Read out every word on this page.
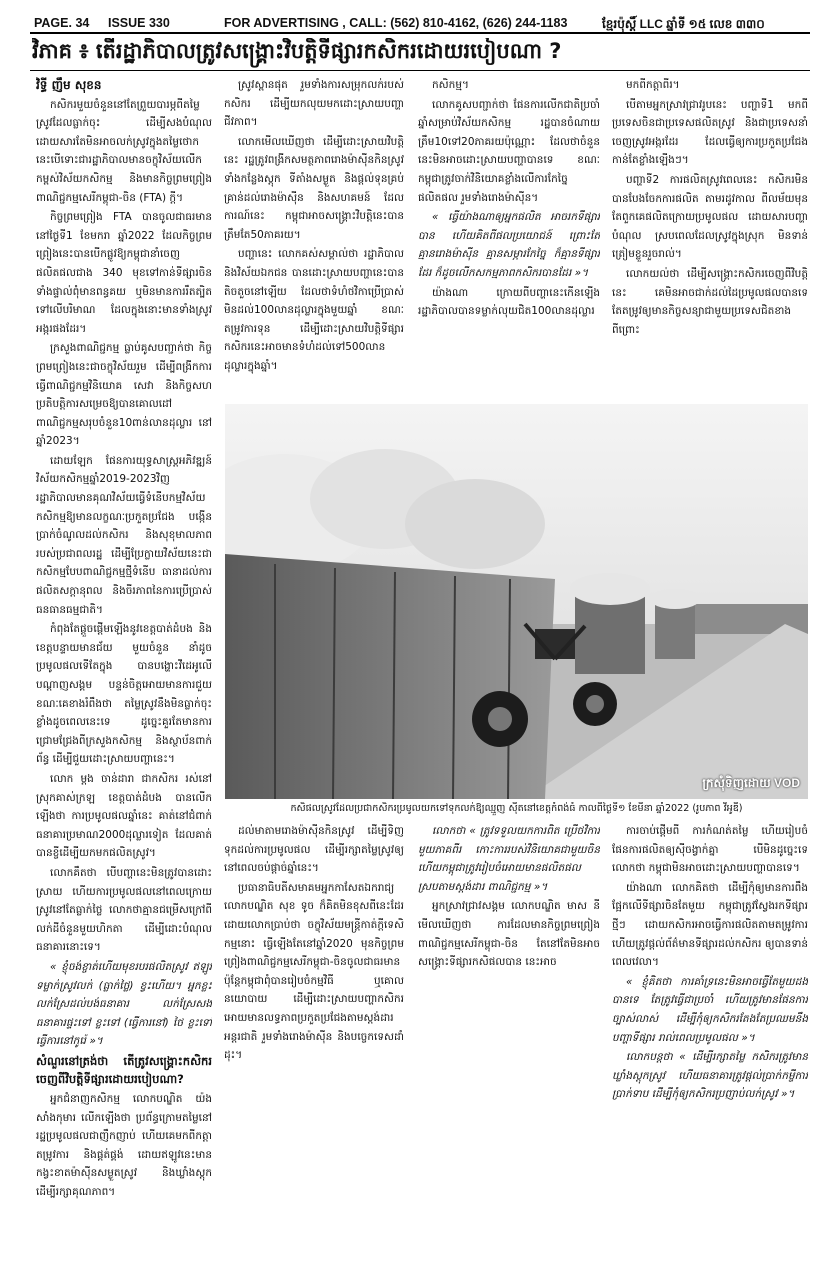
PAGE. 34 ISSUE 330	FOR ADVERTISING , CALL: (562) 810-4162, (626) 244-1183	ខ្មែរប៉ុស្តិ៍ LLC ឆ្នាំទី ១៥ លេខ ៣៣០
វិភាគ ៖ តើរដ្ឋាភិបាលត្រូវសង្គ្រោះវិបត្តិទីផ្សារកសិករដោយរបៀបណា ?

វិទ្ធី ញឹម សុខន

កសិករមួយចំនួននៅតែព្រួយបារម្ភពីតម្លៃស្រូវដែលធ្លាក់ចុះ ដើម្បីសងបំណុល ដោយសារតែមិនអាចលក់ស្រូវក្នុងតម្លៃថោក នេះបើទោះជារដ្ឋាភិបាលមានចក្ខុវិស័យលើកកម្ពស់វិស័យកសិកម្ម និងមានកិច្ចព្រមព្រៀងពាណិជ្ជកម្មសេរីកម្ពុជា-ចិន (FTA) ក្តី។

កិច្ចព្រមព្រៀង FTA បានចូលជាធរមាន នៅថ្ងៃទី1 ខែមករា ឆ្នាំ2022 ដែលកិច្ចព្រមព្រៀងនេះបានបើកផ្លូវឱ្យកម្ពុជានាំចេញផលិតផលជាង 340 មុខទៅកាន់ទីផ្សារចិន ទាំងផ្ទាល់ពុំមានពន្ធគយ ឬមិនមានការរឹតត្បិតទៅលើបរិមាណ ដែលក្នុងនោះមានទាំងស្រូវអង្ករផងដែរ។

ក្រសួងពាណិជ្ជកម្ម ធ្លាប់គូសបញ្ជាក់ថា កិច្ចព្រមព្រៀងនេះជាចក្ខុវិស័យរួម ដើម្បីពង្រីកការធ្វើពាណិជ្ជកម្មវិនិយោគ សេវា និងកិច្ចសហប្រតិបត្តិការសម្រេចឱ្យបានគោលដៅពាណិជ្ជកម្មសរុបចំនួន10ពាន់លានដុល្លារ នៅឆ្នាំ2023។

ដោយឡែក ផែនការយុទ្ធសាស្ត្រអភិវឌ្ឍន៍វិស័យកសិកម្មឆ្នាំ2019-2023វិញ រដ្ឋាភិបាលមានគុណវិស័យធ្វើទំនើបកម្មវិស័យកសិកម្មឱ្យមានលក្ខណៈប្រកួតប្រជែង បង្កើនប្រាក់ចំណូលដល់កសិករ និងសុខុមាលភាពរបស់ប្រជាពលរដ្ឋ ដើម្បីប្រែក្លាយវិស័យនេះជាកសិកម្មបែបពាណិជ្ជកម្មថ្មីទំនើប ធានាដល់ការផលិតសក្តានុពល និងចីរភាពនៃការប្រើប្រាស់ធនធានធម្មជាតិ។

កំពុងតែផ្តួចផ្តើមឡើងនូវខេត្តបាត់ដំបង និងខេត្តបន្ទាយមានជ័យ មួយចំនួន នាំដូចប្រមូលផលទើតែក្នុង បានបង្ហោះវីដេអូលើបណ្តាញសង្គម បន្ទន់ចិត្តអោយមានការជួយ ខណៈគេខាងរំពឹងថា តម្លៃស្រូវនឹងមិនធ្លាក់ចុះខ្លាំងដូចពេលនេះទេ ដូច្នេះគួរតែមានការជ្រោមជ្រែងពីក្រសួងកសិកម្ម និងស្ថាប័នពាក់ព័ន្ធ ដើម្បីជួយដោះស្រាយបញ្ហានេះ។

លោក ម្តង ចាន់ដារា ជាកសិករ រស់នៅស្រុកគាស់ក្រឡ ខេត្តបាត់ដំបង បានលើកឡើងថា ការប្រមូលផលឆ្នាំនេះ គាត់នៅជំពាក់ធនាគារប្រមាណ2000ដុល្លារទៀត ដែលគាត់បានខ្ចីដើម្បីយកមកផលិតស្រូវ។

លោកគឹតថា បើបញ្ហានេះមិនត្រូវបានដោះស្រាយ ហើយការប្រមូលផលនៅពេលក្រោយស្រូវនៅតែធ្លាក់ថ្លៃ លោកថាគ្មានជម្រើសក្រៅពីលក់ដីចំនួនមួយហិកតា ដើម្បីដោះបំណុលធនាគារនោះទេ។

« ខ្ញុំចង់ខ្ចាត់ហើយមុខរបរផលិតស្រូវ ឥឡូវទម្លាក់ស្រូវលក់ (ធ្លាក់ថ្លៃ) ខ្វះហើយ។ អ្នកខ្លះលក់ស្រែដល់បង់ធនាគារ លក់ស្រែសងធនាគារផ្ទះទៅ ខ្លះទៅ (ធ្វើការនៅ) ថៃ ខ្លះទៅធ្វើការនៅកូរ៉េ »។

សំណួរនៅត្រង់ថា តើត្រូវសង្គ្រោះកសិករចេញពីវិបត្តិទីផ្សារដោយរបៀបណា?

អ្នកជំនាញកសិកម្ម លោកបណ្ឌិត យ៉ង សាំងកុមារ លើកឡើងថា ប្រព័ន្ធក្រោមតម្លៃនៅរដ្ឋប្រមូលផលជាញឹកញាប់ ហើយគេមកពីកត្តាតម្រូវការ និងផ្គត់ផ្គង់ ដោយឥឡូវនេះមានកង្វះខាតម៉ាស៊ីនសម្ងួតស្រូវ និងឃ្លាំងស្តុក ដើម្បីរក្សាគុណភាព។

ស្រូវស្ពានផុត រួមទាំងការសម្រុកលក់របស់កសិករ ដើម្បីយកលុយមកដោះស្រាយបញ្ហាជីវភាព។

លោកមើលឃើញថា ដើម្បីដោះស្រាយវិបត្តិនេះ រដ្ឋត្រូវពង្រីកសមត្ថភាពរោងម៉ាស៊ីនកិនស្រូវ ទាំងកន្លែងស្តុក ទីតាំងសម្ងួត និងផ្តល់ទុនគ្រប់គ្រាន់ដល់រោងម៉ាស៊ីន និងសហគមន៍ ដែលការណ៍នេះ កម្ពុជាអាចសង្គ្រោះវិបត្តិនេះបានត្រឹមតែ50ភាគរយ។

បញ្ហានេះ លោកគស់សម្គាល់ថា រដ្ឋាភិបាលនិងវិស័យឯកជន បានដោះស្រាយបញ្ហានេះបានតិចតួចនៅឡើយ ដែលថាទំហំថវិកាប្រើប្រាស់មិនដល់100លានដុល្លារក្នុងមួយឆ្នាំ ខណៈតម្រូវការទុន ដើម្បីដោះស្រាយវិបត្តិទីផ្សារកសិករនេះអាចមានទំហំដល់ទៅ500លានដុល្លារក្នុងឆ្នាំ។

កសិកម្ម។

លោកគូសបញ្ជាក់ថា ផែនការលើកជាតិប្រចាំឆ្នាំសម្រាប់វិស័យកសិកម្ម រដ្ឋបានចំណាយត្រឹម10ទៅ20ភាគរយប៉ុណ្ណោះ ដែលថាចំនួននេះមិនអាចដោះស្រាយបញ្ហាបានទេ ខណៈកម្ពុជាត្រូវចាក់វិនិយោគខ្លាំងលើការកែច្នៃផលិតផល រួមទាំងរោងម៉ាស៊ីន។

« ធ្វើយ៉ាងណាឲ្យអ្នកផលិត អាចរកទីផ្សារបាន ហើយគិតពីផលប្រយោជន៍ ព្រោះតែគ្មានរោងម៉ាស៊ីន គ្មានសម្ភារកែច្នៃ ក៏គ្មានទីផ្សារដែរ ក៏ដូចលើកសកម្មភាពកសិករបានដែរ »។

យ៉ាងណា ក្រោយពីបញ្ហានេះកើនឡើង រដ្ឋាភិបាលបានទម្លាក់លុយជិត100លានដុល្លារ

មកពីកត្តាពីរ។

បើតាមអ្នកស្រាវជ្រាវរូបនេះ បញ្ហាទី1 មកពីប្រទេសចិនជាប្រទេសផលិតស្រូវ និងជាប្រទេសនាំចេញស្រូវអង្ករដែរ ដែលធ្វើឲ្យការប្រកួតប្រជែងកាន់តែខ្លាំងឡើងៗ។

បញ្ហាទី2 ការផលិតស្រូវពេលនេះ កសិករមិនបានបែងចែកការផលិត តាមរដូវកាល ពីលម័យមុន តែពួកគេផលិតក្រោយប្រមូលផល ដោយសារបញ្ហាបំណុល ស្របពេលដែលស្រូវក្នុងស្រុក មិនទាន់ត្រៀមខ្លួនរួចរាល់។

លោកយល់ថា ដើម្បីសង្គ្រោះកសិករចេញពីវិបត្តិនេះ គេមិនអាចជាក់ដល់ដៃប្រមូលផលបានទេ តែតម្រូវឲ្យមានកិច្ចសន្យាជាមួយប្រទេសជិតខាង ពីព្រោះ

ក្រសុំទិញដោយ VOD
កសិផលស្រូវដែលប្រជាកសិករប្រមូលយកទៅទុកលក់ឱ្យឈ្មួញ ស៊ីតនៅខេត្តកំពង់ធំ កាលពីថ្ងៃទី១ ខែមីនា ឆ្នាំ2022 (រូបភាព វីអូឌី)

ដល់មាតាមរោងម៉ាស៊ីនកិនស្រូវ ដើម្បីទិញទុកដល់ការប្រមូលផល ដើម្បីរក្សាតម្លៃស្រូវឲ្យនៅពេលចប់ផ្តាច់ឆ្នាំនេះ។

ប្រធានាធិបតីសមាគមអ្នកកាសែតឯករាជ្យ លោកបណ្ឌិត សុខ ទូច ក៏គិតមិនខុសពីនេះដែរ ដោយលោកប្រាប់ថា ចក្ខុវិស័យមន្ត្រីកាត់ក្តីទេសិកម្មនោះ ធ្វើឡើងតែនៅឆ្នាំ2020 មុនកិច្ចព្រមព្រៀងពាណិជ្ជកម្មសេរីកម្ពុជា-ចិនចូលជាធរមាន ប៉ុន្តែកម្ពុជាពុំបានរៀបចំកម្មវិធី ឬគោលនយោបាយ ដើម្បីដោះស្រាយបញ្ហាកសិករអោយមានលទ្ធភាពប្រកួតប្រជែងតាមស្តង់ដារអន្តរជាតិ រួមទាំងរោងម៉ាស៊ីន និងបច្ចេកទេសដាំដុះ។

លោកថា « ត្រូវទទួលយកការពិត ប្រើថវិការមួយភាគពីរ កោះការរបស់វិនិយោគជាមួយចិន ហើយកម្ពុជាត្រូវរៀបចំអោយមានផលិតផលស្របតាមស្តង់ដារ ពាណិជ្ជកម្ម »។

អ្នកស្រាវជ្រាវសង្គម លោកបណ្ឌិត មាស នី មើលឃើញថា ការដែលមានកិច្ចព្រមព្រៀងពាណិជ្ជកម្មសេរីកម្ពុជា-ចិន តែនៅតែមិនអាចសង្គ្រោះទីផ្សារកសិផលបាន នេះអាច

ការចាប់ផ្តើមពី ការកំណត់តម្លៃ ហើយរៀបចំផែនការផលិតឲ្យស៊ីចង្វាក់គ្នា បើមិនដូច្នេះទេ លោកថា កម្ពុជាមិនអាចដោះស្រាយបញ្ហាបានទេ។

យ៉ាងណា លោកគិតថា ដើម្បីកុំឲ្យមានការពឹងផ្អែកលើទីផ្សារចិនតែមួយ កម្ពុជាត្រូវស្វែងរកទីផ្សារថ្មីៗ ដោយកសិករអាចធ្វើការផលិតតាមតម្រូវការ ហើយត្រូវផ្តល់ព័ត៌មានទីផ្សារដល់កសិករ ឲ្យបានទាន់ពេលវេលា។

« ខ្ញុំគិតថា ការគាំទ្រនេះមិនអាចធ្វើតែមួយដងបានទេ តែត្រូវធ្វើជាប្រចាំ ហើយត្រូវមានផែនការច្បាស់លាស់ ដើម្បីកុំឲ្យកសិករតែងតែប្រឈមនឹងបញ្ហាទីផ្សារ រាល់ពេលប្រមូលផល »។

លោកបន្តថា « ដើម្បីរក្សាតម្លៃ កសិករត្រូវមានឃ្លាំងស្តុកស្រូវ ហើយធនាគារត្រូវផ្តល់ប្រាក់កម្ចីការប្រាក់ទាប ដើម្បីកុំឲ្យកសិករប្រញាប់លក់ស្រូវ »។
